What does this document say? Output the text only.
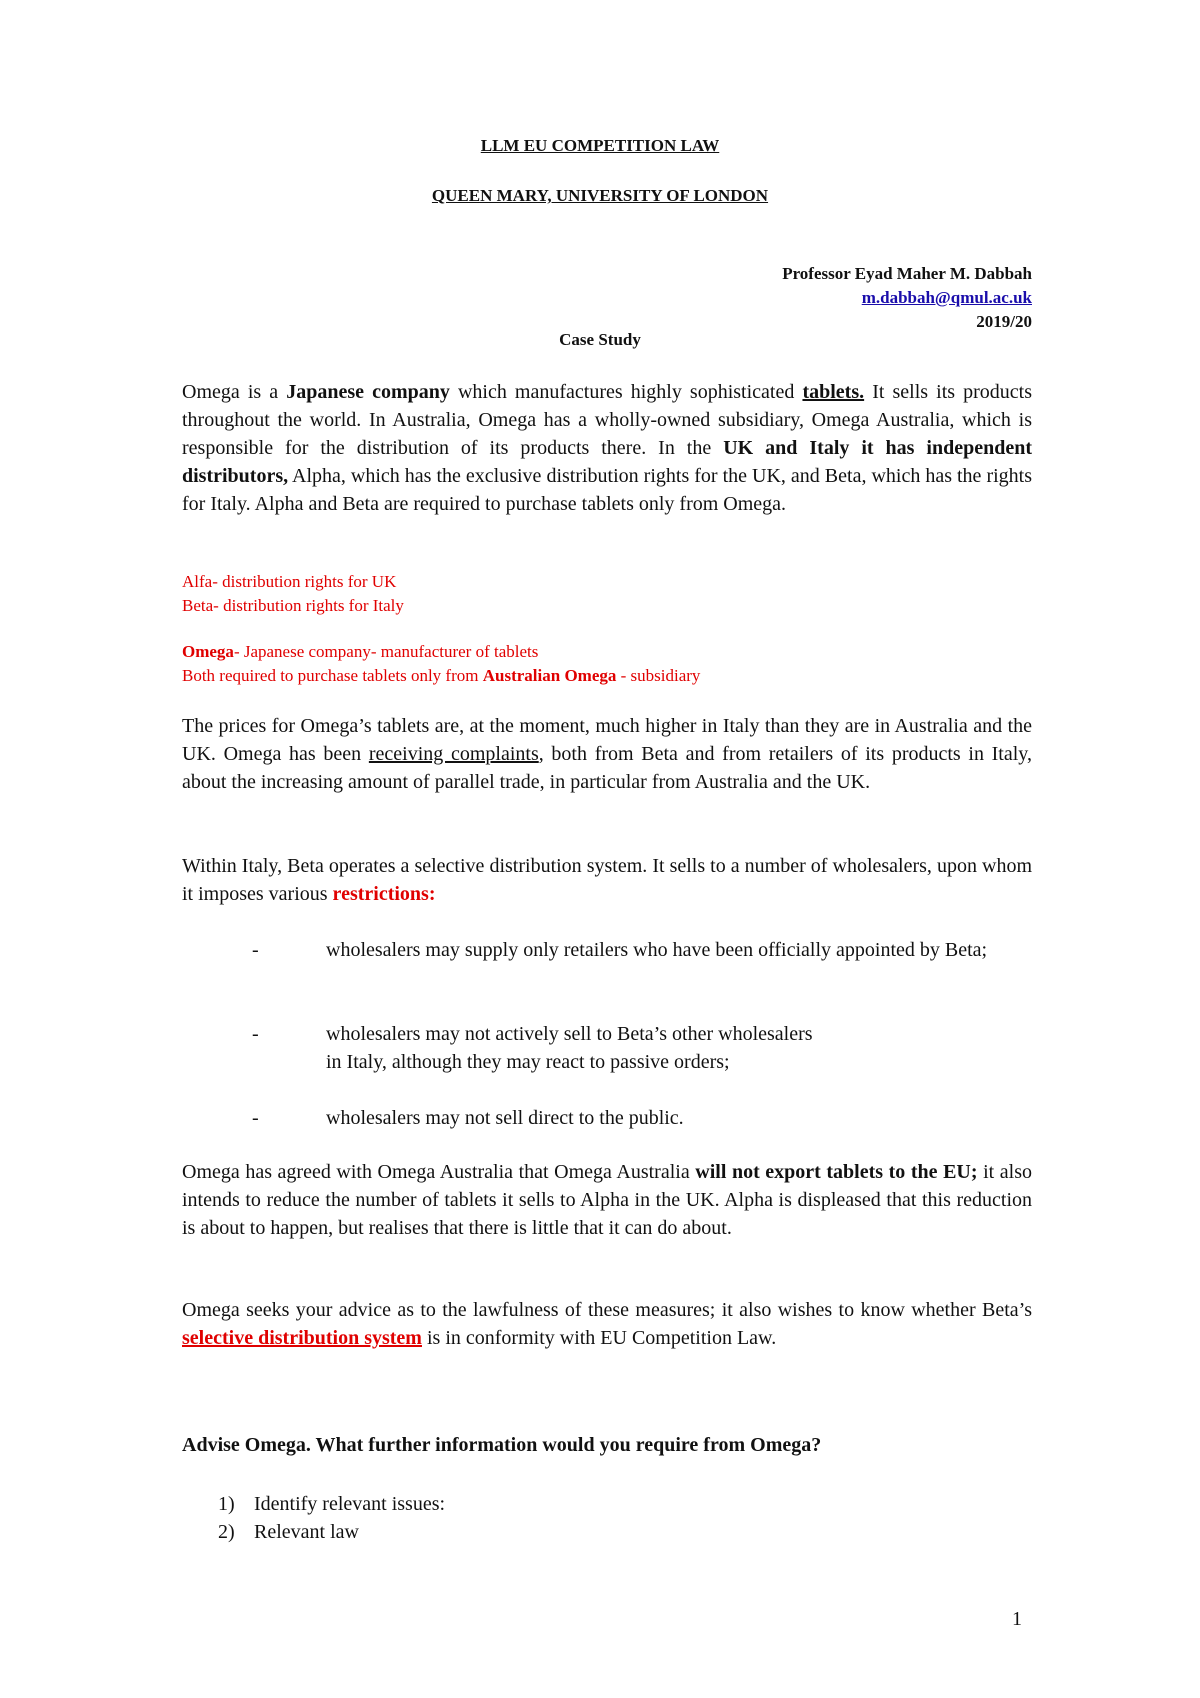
LLM EU COMPETITION LAW
QUEEN MARY, UNIVERSITY OF LONDON
Professor Eyad Maher M. Dabbah
m.dabbah@qmul.ac.uk
2019/20
Case Study
Omega is a Japanese company which manufactures highly sophisticated tablets. It sells its products throughout the world. In Australia, Omega has a wholly-owned subsidiary, Omega Australia, which is responsible for the distribution of its products there. In the UK and Italy it has independent distributors, Alpha, which has the exclusive distribution rights for the UK, and Beta, which has the rights for Italy. Alpha and Beta are required to purchase tablets only from Omega.
Alfa- distribution rights for UK
Beta- distribution rights for Italy
Omega- Japanese company- manufacturer of tablets
Both required to purchase tablets only from Australian Omega - subsidiary
The prices for Omega’s tablets are, at the moment, much higher in Italy than they are in Australia and the UK. Omega has been receiving complaints, both from Beta and from retailers of its products in Italy, about the increasing amount of parallel trade, in particular from Australia and the UK.
Within Italy, Beta operates a selective distribution system. It sells to a number of wholesalers, upon whom it imposes various restrictions:
-	wholesalers may supply only retailers who have been officially appointed by Beta;
-	wholesalers may not actively sell to Beta’s other wholesalers
in Italy, although they may react to passive orders;
-	wholesalers may not sell direct to the public.
Omega has agreed with Omega Australia that Omega Australia will not export tablets to the EU; it also intends to reduce the number of tablets it sells to Alpha in the UK. Alpha is displeased that this reduction is about to happen, but realises that there is little that it can do about.
Omega seeks your advice as to the lawfulness of these measures; it also wishes to know whether Beta’s selective distribution system is in conformity with EU Competition Law.
Advise Omega. What further information would you require from Omega?
1) Identify relevant issues:
2) Relevant law
1
